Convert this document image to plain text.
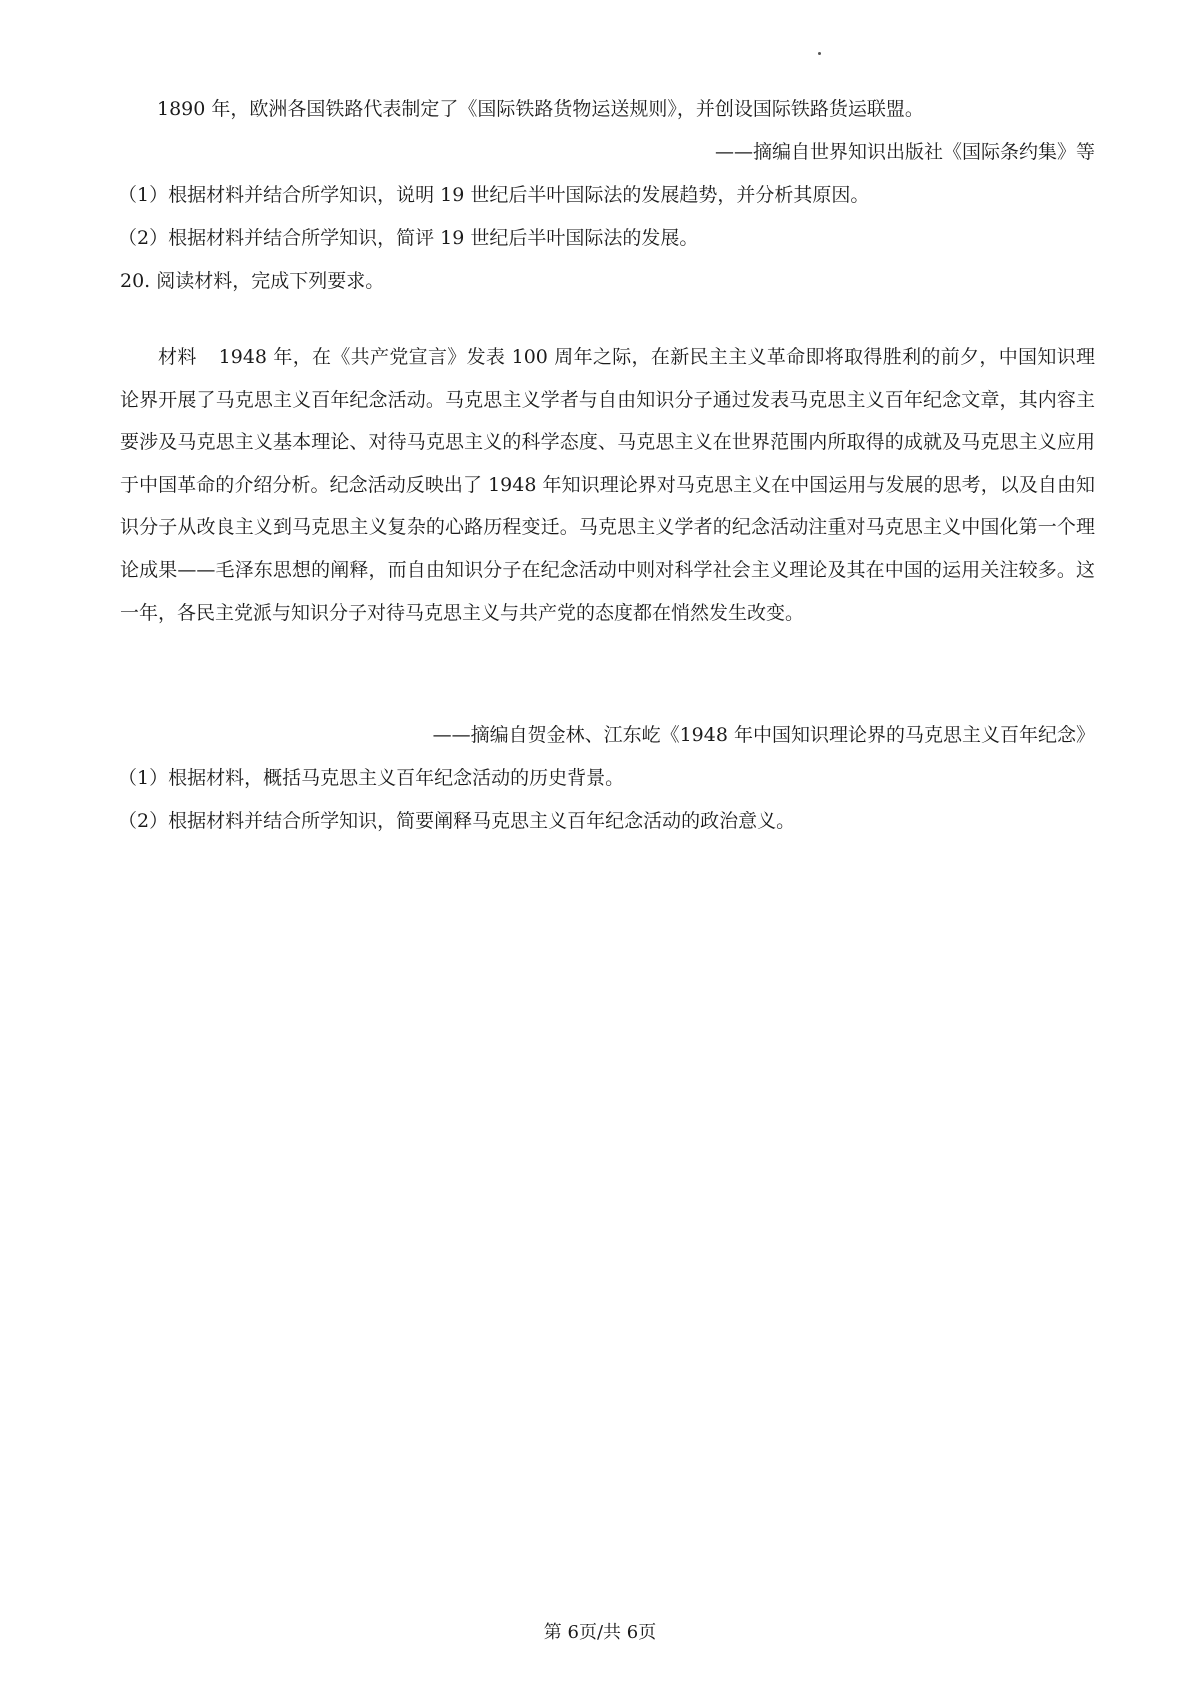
1890 年，欧洲各国铁路代表制定了《国际铁路货物运送规则》，并创设国际铁路货运联盟。
——摘编自世界知识出版社《国际条约集》等
（1）根据材料并结合所学知识，说明 19 世纪后半叶国际法的发展趋势，并分析其原因。
（2）根据材料并结合所学知识，简评 19 世纪后半叶国际法的发展。
20. 阅读材料，完成下列要求。
材料 1948 年，在《共产党宣言》发表 100 周年之际，在新民主主义革命即将取得胜利的前夕，中国知识理论界开展了马克思主义百年纪念活动。马克思主义学者与自由知识分子通过发表马克思主义百年纪念文章，其内容主要涉及马克思主义基本理论、对待马克思主义的科学态度、马克思主义在世界范围内所取得的成就及马克思主义应用于中国革命的介绍分析。纪念活动反映出了 1948 年知识理论界对马克思主义在中国运用与发展的思考，以及自由知识分子从改良主义到马克思主义复杂的心路历程变迁。马克思主义学者的纪念活动注重对马克思主义中国化第一个理论成果——毛泽东思想的阐释，而自由知识分子在纪念活动中则对科学社会主义理论及其在中国的运用关注较多。这一年，各民主党派与知识分子对待马克思主义与共产党的态度都在悄然发生改变。
——摘编自贺金林、江东屹《1948 年中国知识理论界的马克思主义百年纪念》
（1）根据材料，概括马克思主义百年纪念活动的历史背景。
（2）根据材料并结合所学知识，简要阐释马克思主义百年纪念活动的政治意义。
第 6页/共 6页
